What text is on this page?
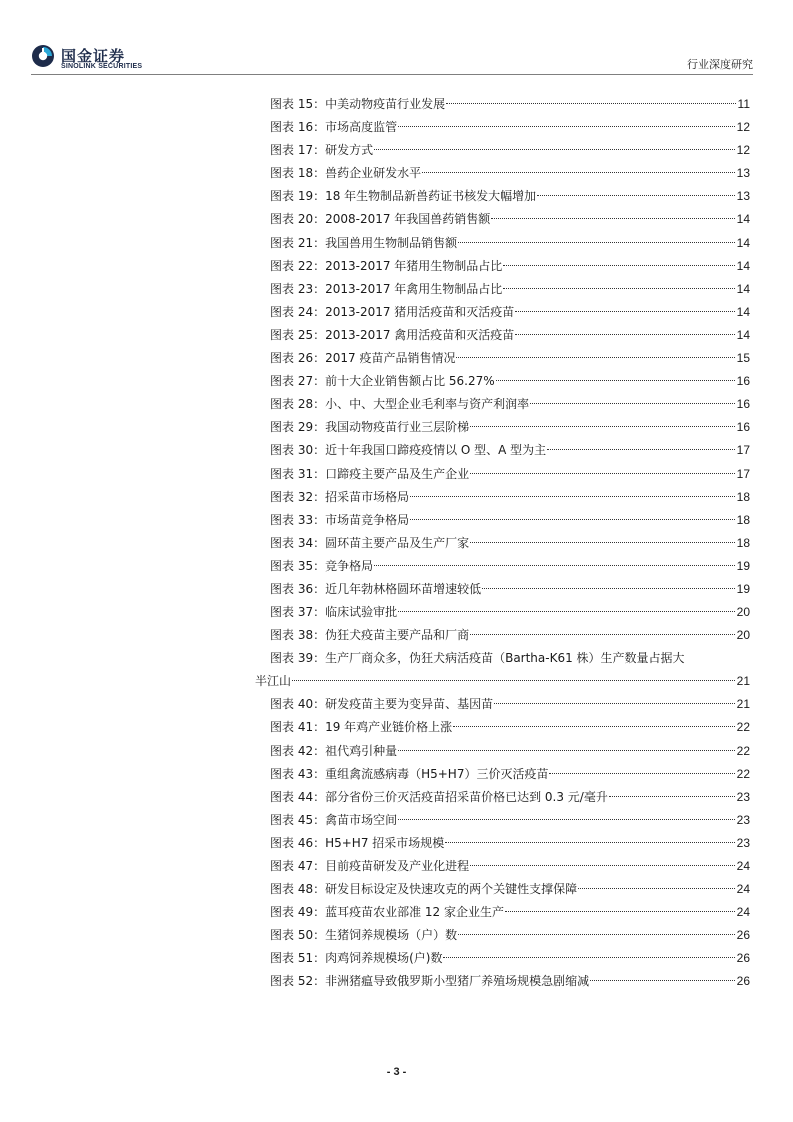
国金证券
SINOLINK SECURITIES	行业深度研究
图表 15：中美动物疫苗行业发展	11
图表 16：市场高度监管	12
图表 17：研发方式	12
图表 18：兽药企业研发水平	13
图表 19：18 年生物制品新兽药证书核发大幅增加	13
图表 20：2008-2017 年我国兽药销售额	14
图表 21：我国兽用生物制品销售额	14
图表 22：2013-2017 年猪用生物制品占比	14
图表 23：2013-2017 年禽用生物制品占比	14
图表 24：2013-2017 猪用活疫苗和灭活疫苗	14
图表 25：2013-2017 禽用活疫苗和灭活疫苗	14
图表 26：2017 疫苗产品销售情况	15
图表 27：前十大企业销售额占比 56.27%	16
图表 28：小、中、大型企业毛利率与资产利润率	16
图表 29：我国动物疫苗行业三层阶梯	16
图表 30：近十年我国口蹄疫疫情以 O 型、A 型为主	17
图表 31：口蹄疫主要产品及生产企业	17
图表 32：招采苗市场格局	18
图表 33：市场苗竞争格局	18
图表 34：圆环苗主要产品及生产厂家	18
图表 35：竞争格局	19
图表 36：近几年勃林格圆环苗增速较低	19
图表 37：临床试验审批	20
图表 38：伪狂犬疫苗主要产品和厂商	20
图表 39：生产厂商众多，伪狂犬病活疫苗（Bartha-K61 株）生产数量占据大
半江山	21
图表 40：研发疫苗主要为变异苗、基因苗	21
图表 41：19 年鸡产业链价格上涨	22
图表 42：祖代鸡引种量	22
图表 43：重组禽流感病毒（H5+H7）三价灭活疫苗	22
图表 44：部分省份三价灭活疫苗招采苗价格已达到 0.3 元/毫升	23
图表 45：禽苗市场空间	23
图表 46：H5+H7 招采市场规模	23
图表 47：目前疫苗研发及产业化进程	24
图表 48：研发目标设定及快速攻克的两个关键性支撑保障	24
图表 49：蓝耳疫苗农业部准 12 家企业生产	24
图表 50：生猪饲养规模场（户）数	26
图表 51：肉鸡饲养规模场(户)数	26
图表 52：非洲猪瘟导致俄罗斯小型猪厂养殖场规模急剧缩减	26
- 3 -
